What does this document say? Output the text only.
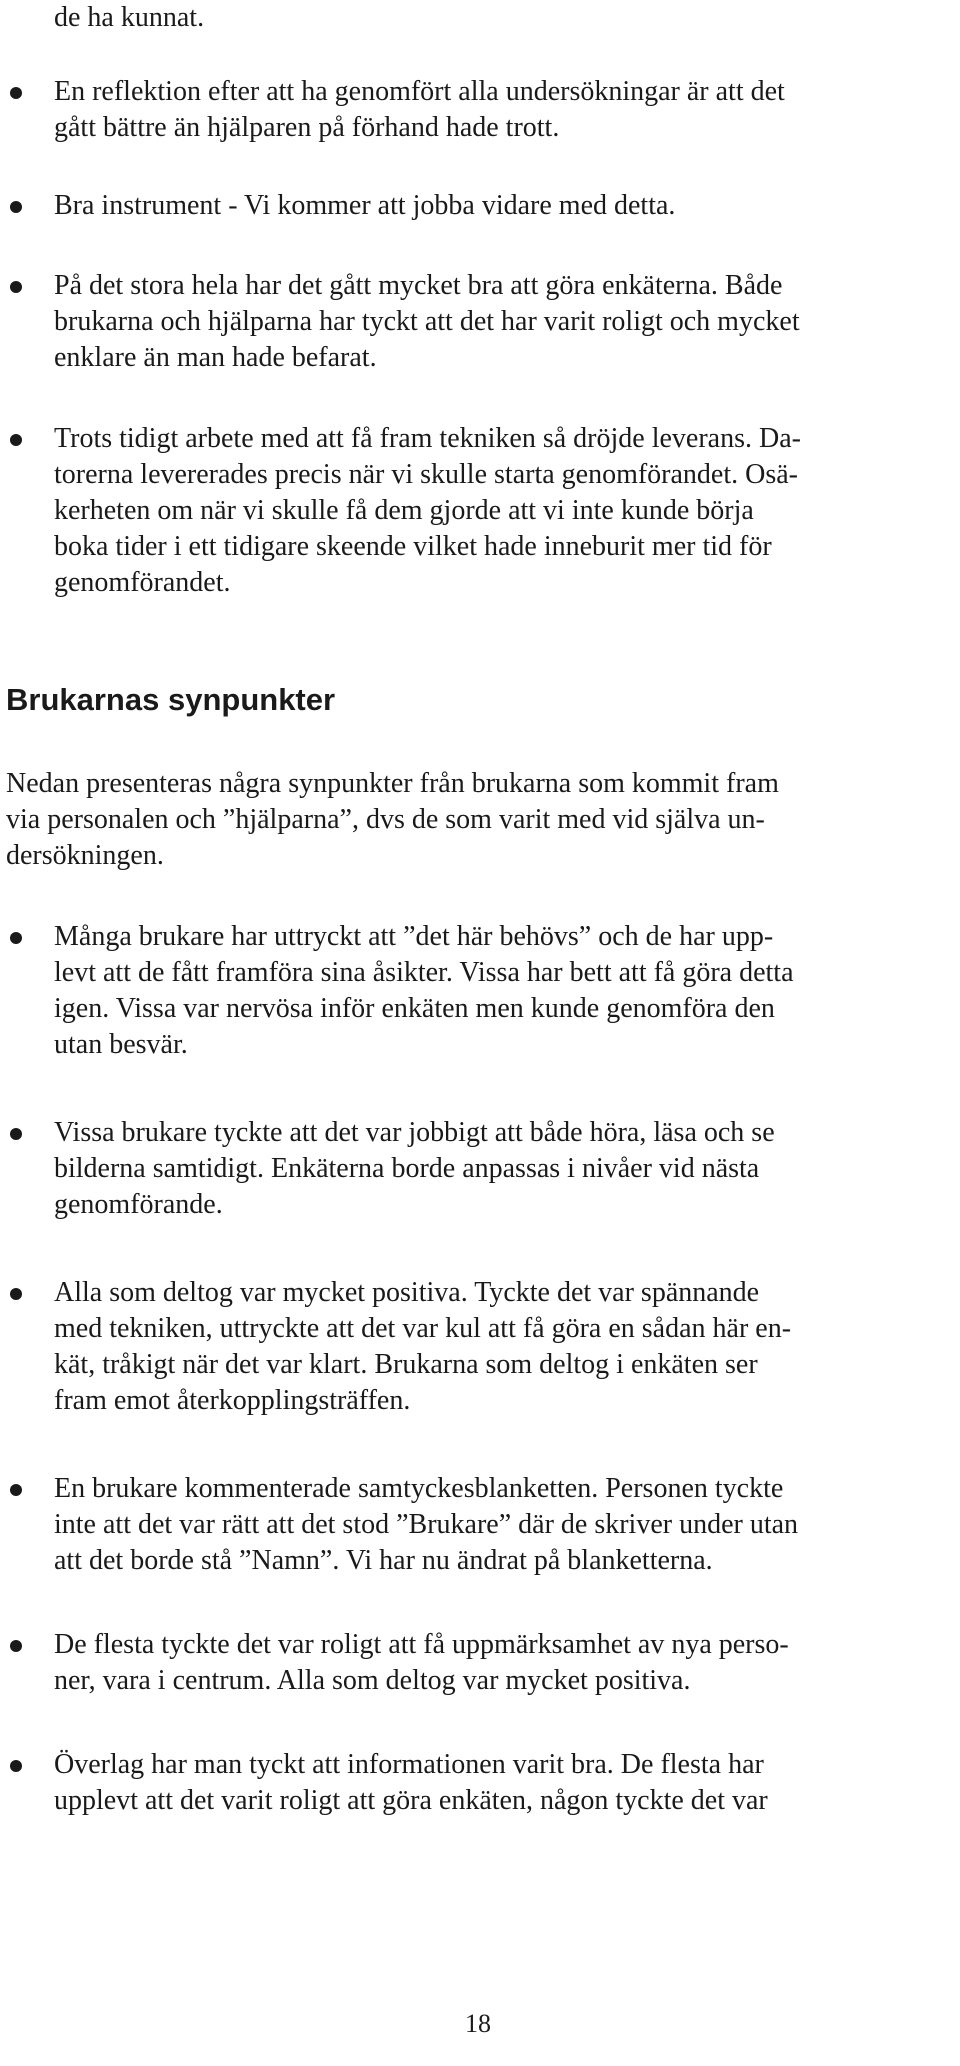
de ha kunnat.
En reflektion efter att ha genomfört alla undersökningar är att det
gått bättre än hjälparen på förhand hade trott.
Bra instrument - Vi kommer att jobba vidare med detta.
På det stora hela har det gått mycket bra att göra enkäterna. Både
brukarna och hjälparna har tyckt att det har varit roligt och mycket
enklare än man hade befarat.
Trots tidigt arbete med att få fram tekniken så dröjde leverans. Da-
torerna levererades precis när vi skulle starta genomförandet. Osä-
kerheten om när vi skulle få dem gjorde att vi inte kunde börja
boka tider i ett tidigare skeende vilket hade inneburit mer tid för
genomförandet.
Brukarnas synpunkter
Nedan presenteras några synpunkter från brukarna som kommit fram
via personalen och ”hjälparna”, dvs de som varit med vid själva un-
dersökningen.
Många brukare har uttryckt att ”det här behövs” och de har upp-
levt att de fått framföra sina åsikter. Vissa har bett att få göra detta
igen. Vissa var nervösa inför enkäten men kunde genomföra den
utan besvär.
Vissa brukare tyckte att det var jobbigt att både höra, läsa och se
bilderna samtidigt. Enkäterna borde anpassas i nivåer vid nästa
genomförande.
Alla som deltog var mycket positiva. Tyckte det var spännande
med tekniken, uttryckte att det var kul att få göra en sådan här en-
kät, tråkigt när det var klart. Brukarna som deltog i enkäten ser
fram emot återkopplingsträffen.
En brukare kommenterade samtyckesblanketten. Personen tyckte
inte att det var rätt att det stod ”Brukare” där de skriver under utan
att det borde stå ”Namn”. Vi har nu ändrat på blanketterna.
De flesta tyckte det var roligt att få uppmärksamhet av nya perso-
ner, vara i centrum. Alla som deltog var mycket positiva.
Överlag har man tyckt att informationen varit bra. De flesta har
upplevt att det varit roligt att göra enkäten, någon tyckte det var
18
